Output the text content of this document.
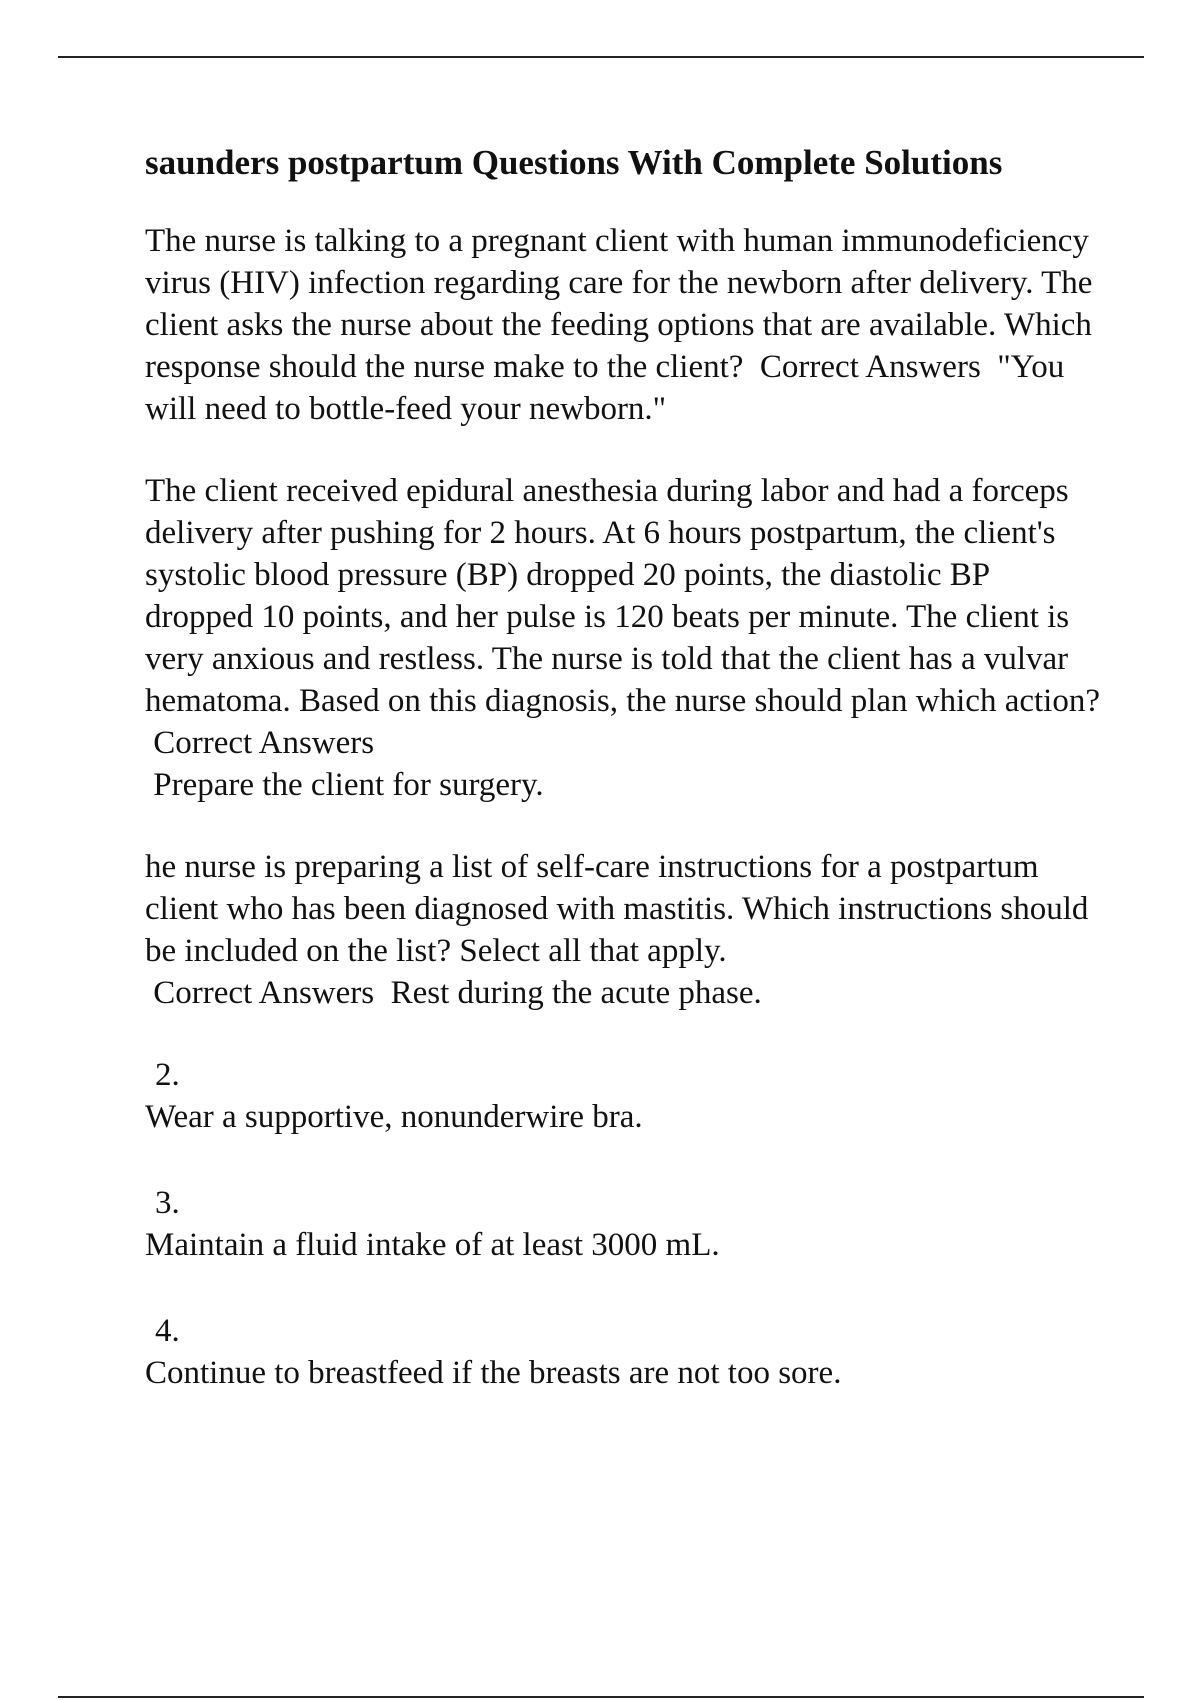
saunders postpartum Questions With Complete Solutions
The nurse is talking to a pregnant client with human immunodeficiency virus (HIV) infection regarding care for the newborn after delivery. The client asks the nurse about the feeding options that are available. Which response should the nurse make to the client? Correct Answers "You will need to bottle-feed your newborn."
The client received epidural anesthesia during labor and had a forceps delivery after pushing for 2 hours. At 6 hours postpartum, the client's systolic blood pressure (BP) dropped 20 points, the diastolic BP dropped 10 points, and her pulse is 120 beats per minute. The client is very anxious and restless. The nurse is told that the client has a vulvar hematoma. Based on this diagnosis, the nurse should plan which action?  Correct Answers
Prepare the client for surgery.
he nurse is preparing a list of self-care instructions for a postpartum client who has been diagnosed with mastitis. Which instructions should be included on the list? Select all that apply.
Correct Answers Rest during the acute phase.
2.
Wear a supportive, nonunderwire bra.
3.
Maintain a fluid intake of at least 3000 mL.
4.
Continue to breastfeed if the breasts are not too sore.
